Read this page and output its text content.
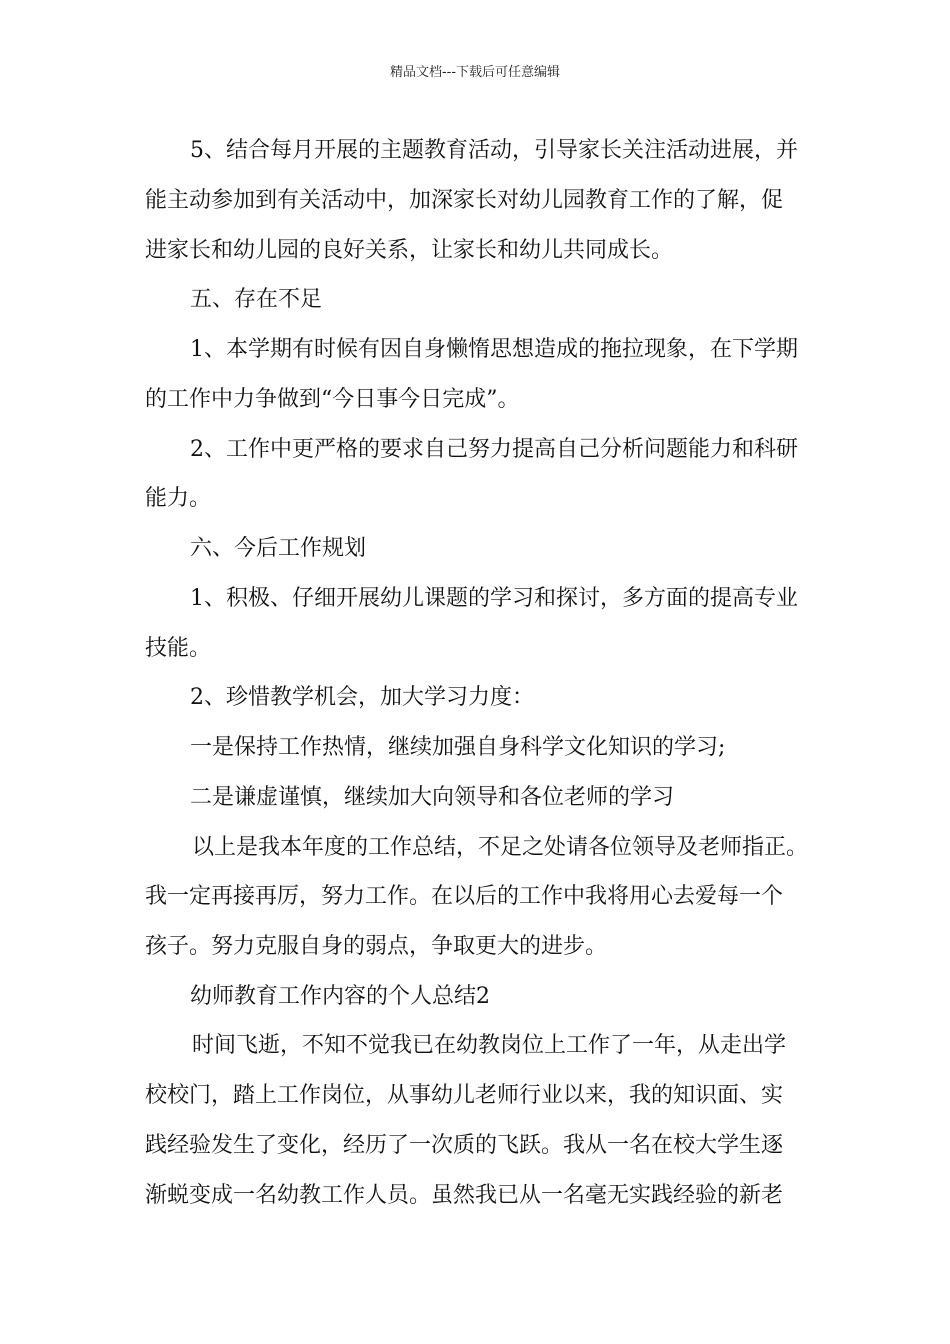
精品文档---下载后可任意编辑
5、结合每月开展的主题教育活动，引导家长关注活动进展，并
能主动参加到有关活动中，加深家长对幼儿园教育工作的了解，促
进家长和幼儿园的良好关系，让家长和幼儿共同成长。
五、存在不足
1、本学期有时候有因自身懒惰思想造成的拖拉现象，在下学期
的工作中力争做到“今日事今日完成”。
2、工作中更严格的要求自己努力提高自己分析问题能力和科研
能力。
六、今后工作规划
1、积极、仔细开展幼儿课题的学习和探讨，多方面的提高专业
技能。
2、珍惜教学机会，加大学习力度：
一是保持工作热情，继续加强自身科学文化知识的学习;
二是谦虚谨慎，继续加大向领导和各位老师的学习
以上是我本年度的工作总结，不足之处请各位领导及老师指正。
我一定再接再厉，努力工作。在以后的工作中我将用心去爱每一个
孩子。努力克服自身的弱点，争取更大的进步。
幼师教育工作内容的个人总结2
时间飞逝，不知不觉我已在幼教岗位上工作了一年，从走出学
校校门，踏上工作岗位，从事幼儿老师行业以来，我的知识面、实
践经验发生了变化，经历了一次质的飞跃。我从一名在校大学生逐
渐蜕变成一名幼教工作人员。虽然我已从一名毫无实践经验的新老
